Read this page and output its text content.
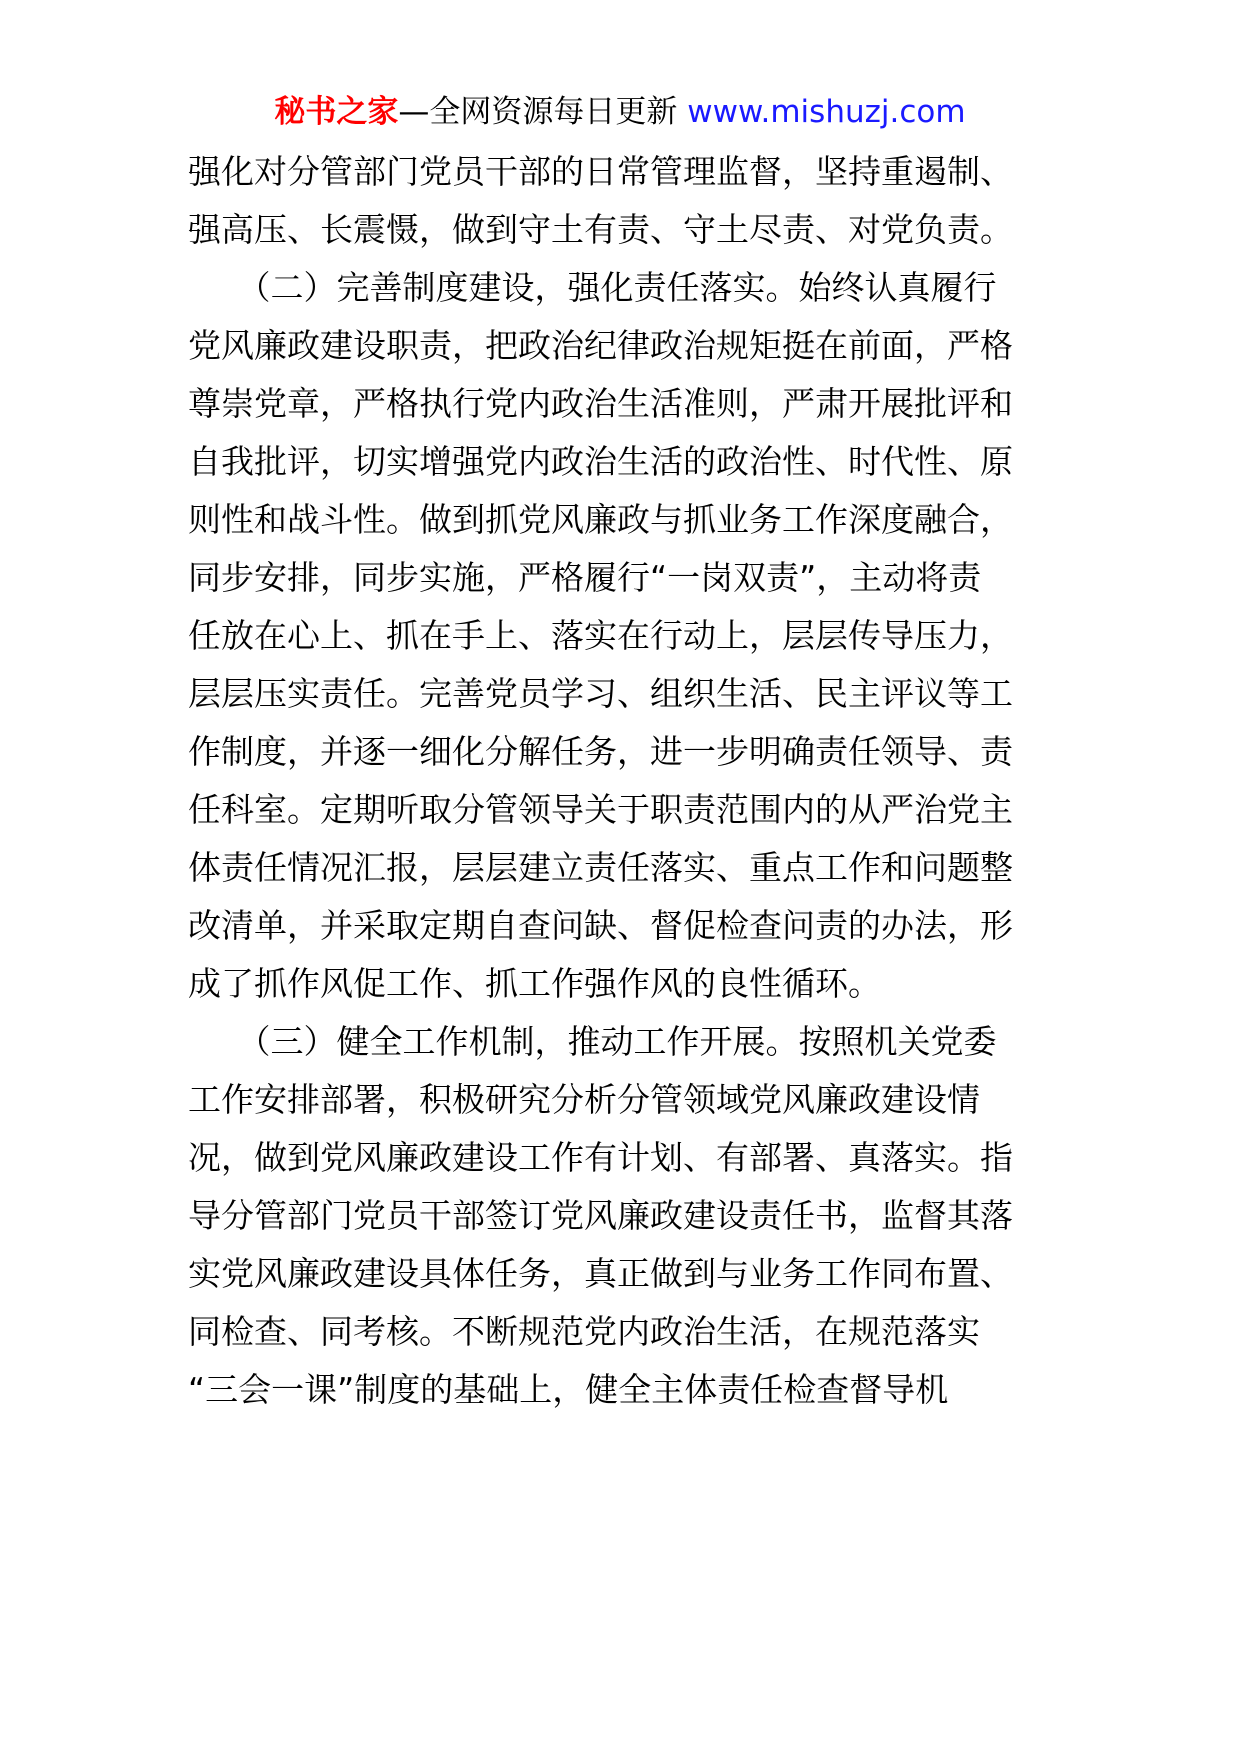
秘书之家—全网资源每日更新 www.mishuzj.com
强化对分管部门党员干部的日常管理监督，坚持重遏制、
强高压、长震慑，做到守土有责、守土尽责、对党负责。
　　（二）完善制度建设，强化责任落实。始终认真履行
党风廉政建设职责，把政治纪律政治规矩挺在前面，严格
尊崇党章，严格执行党内政治生活准则，严肃开展批评和
自我批评，切实增强党内政治生活的政治性、时代性、原
则性和战斗性。做到抓党风廉政与抓业务工作深度融合，
同步安排，同步实施，严格履行“一岗双责”，主动将责
任放在心上、抓在手上、落实在行动上，层层传导压力，
层层压实责任。完善党员学习、组织生活、民主评议等工
作制度，并逐一细化分解任务，进一步明确责任领导、责
任科室。定期听取分管领导关于职责范围内的从严治党主
体责任情况汇报，层层建立责任落实、重点工作和问题整
改清单，并采取定期自查问缺、督促检查问责的办法，形
成了抓作风促工作、抓工作强作风的良性循环。
　　（三）健全工作机制，推动工作开展。按照机关党委
工作安排部署，积极研究分析分管领域党风廉政建设情
况，做到党风廉政建设工作有计划、有部署、真落实。指
导分管部门党员干部签订党风廉政建设责任书，监督其落
实党风廉政建设具体任务，真正做到与业务工作同布置、
同检查、同考核。不断规范党内政治生活，在规范落实
“三会一课”制度的基础上，健全主体责任检查督导机
